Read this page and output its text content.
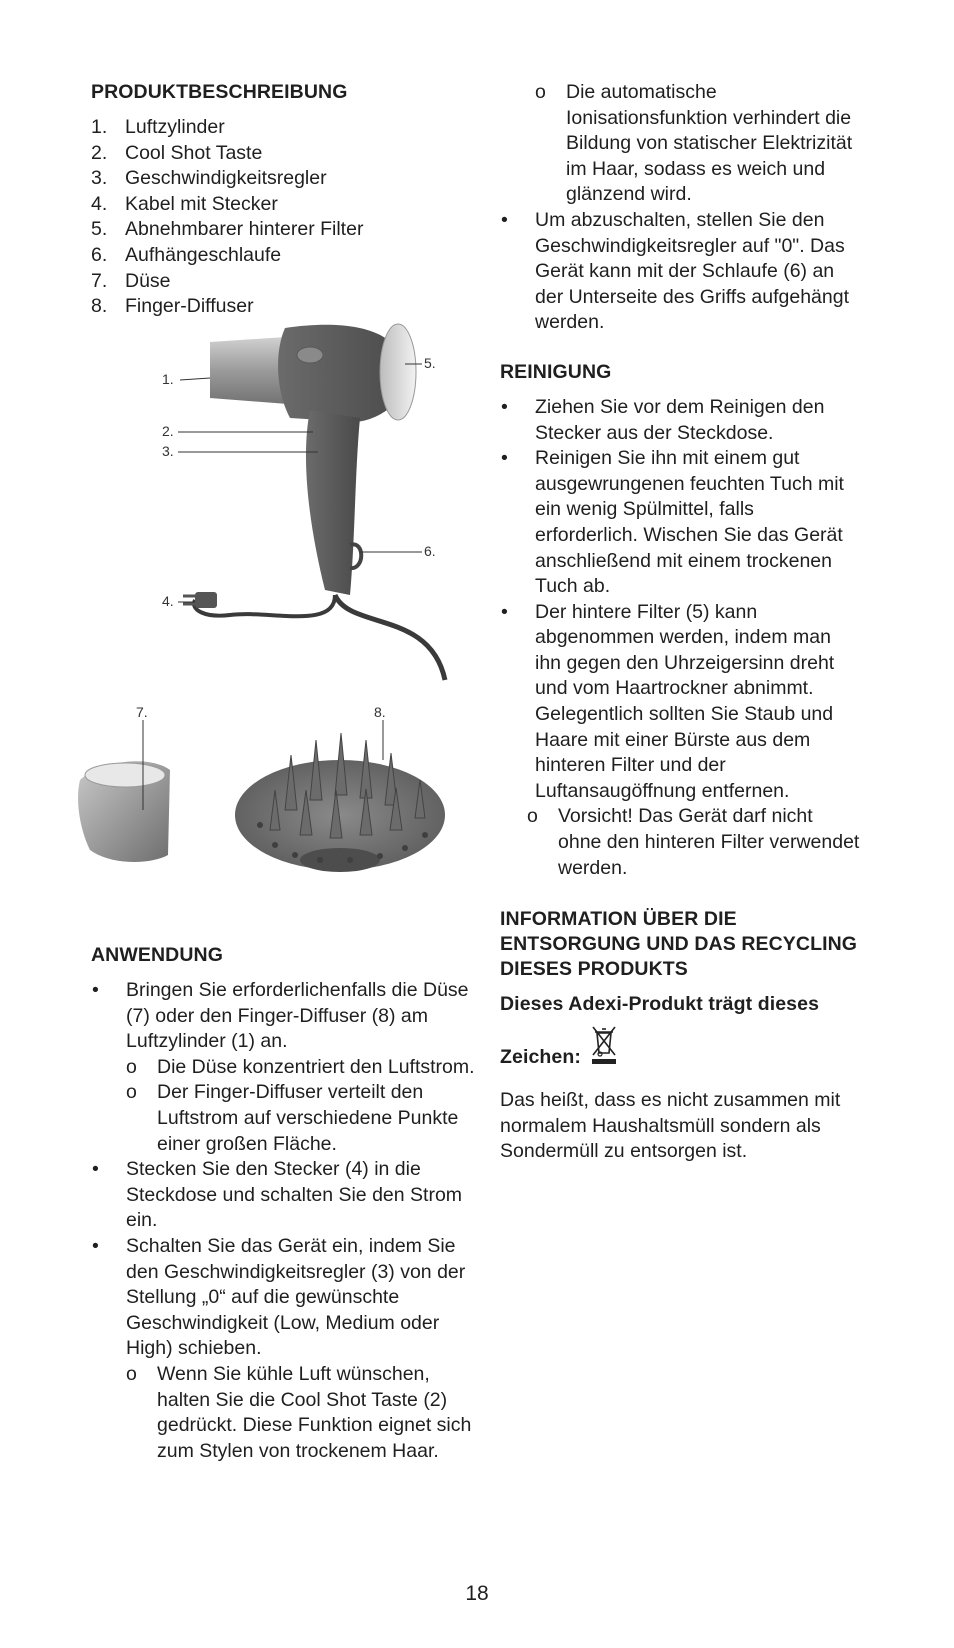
PRODUKTBESCHREIBUNG
1. Luftzylinder
2. Cool Shot Taste
3. Geschwindigkeitsregler
4. Kabel mit Stecker
5. Abnehmbarer hinterer Filter
6. Aufhängeschlaufe
7. Düse
8. Finger-Diffuser
1.
2.
3.
4.
5.
6.
7.	8.
ANWENDUNG
• Bringen Sie erforderlichenfalls die Düse (7) oder den Finger-Diffuser (8) am Luftzylinder (1) an.
o Die Düse konzentriert den Luftstrom.
o Der Finger-Diffuser verteilt den Luftstrom auf verschiedene Punkte einer großen Fläche.
• Stecken Sie den Stecker (4) in die Steckdose und schalten Sie den Strom ein.
• Schalten Sie das Gerät ein, indem Sie den Geschwindigkeitsregler (3) von der Stellung „0“ auf die gewünschte Geschwindigkeit (Low, Medium oder High) schieben.
o Wenn Sie kühle Luft wünschen, halten Sie die Cool Shot Taste (2) gedrückt. Diese Funktion eignet sich zum Stylen von trockenem Haar.
o Die automatische Ionisationsfunktion verhindert die Bildung von statischer Elektrizität im Haar, sodass es weich und glänzend wird.
• Um abzuschalten, stellen Sie den Geschwindigkeitsregler auf "0". Das Gerät kann mit der Schlaufe (6) an der Unterseite des Griffs aufgehängt werden.
REINIGUNG
• Ziehen Sie vor dem Reinigen den Stecker aus der Steckdose.
• Reinigen Sie ihn mit einem gut ausgewrungenen feuchten Tuch mit ein wenig Spülmittel, falls erforderlich. Wischen Sie das Gerät anschließend mit einem trockenen Tuch ab.
• Der hintere Filter (5) kann abgenommen werden, indem man ihn gegen den Uhrzeigersinn dreht und vom Haartrockner abnimmt. Gelegentlich sollten Sie Staub und Haare mit einer Bürste aus dem hinteren Filter und der Luftansaugöffnung entfernen.
o Vorsicht! Das Gerät darf nicht ohne den hinteren Filter verwendet werden.
INFORMATION ÜBER DIE ENTSORGUNG UND DAS RECYCLING DIESES PRODUKTS
Dieses Adexi-Produkt trägt dieses
Zeichen:
Das heißt, dass es nicht zusammen mit normalem Haushaltsmüll sondern als Sondermüll zu entsorgen ist.
18
